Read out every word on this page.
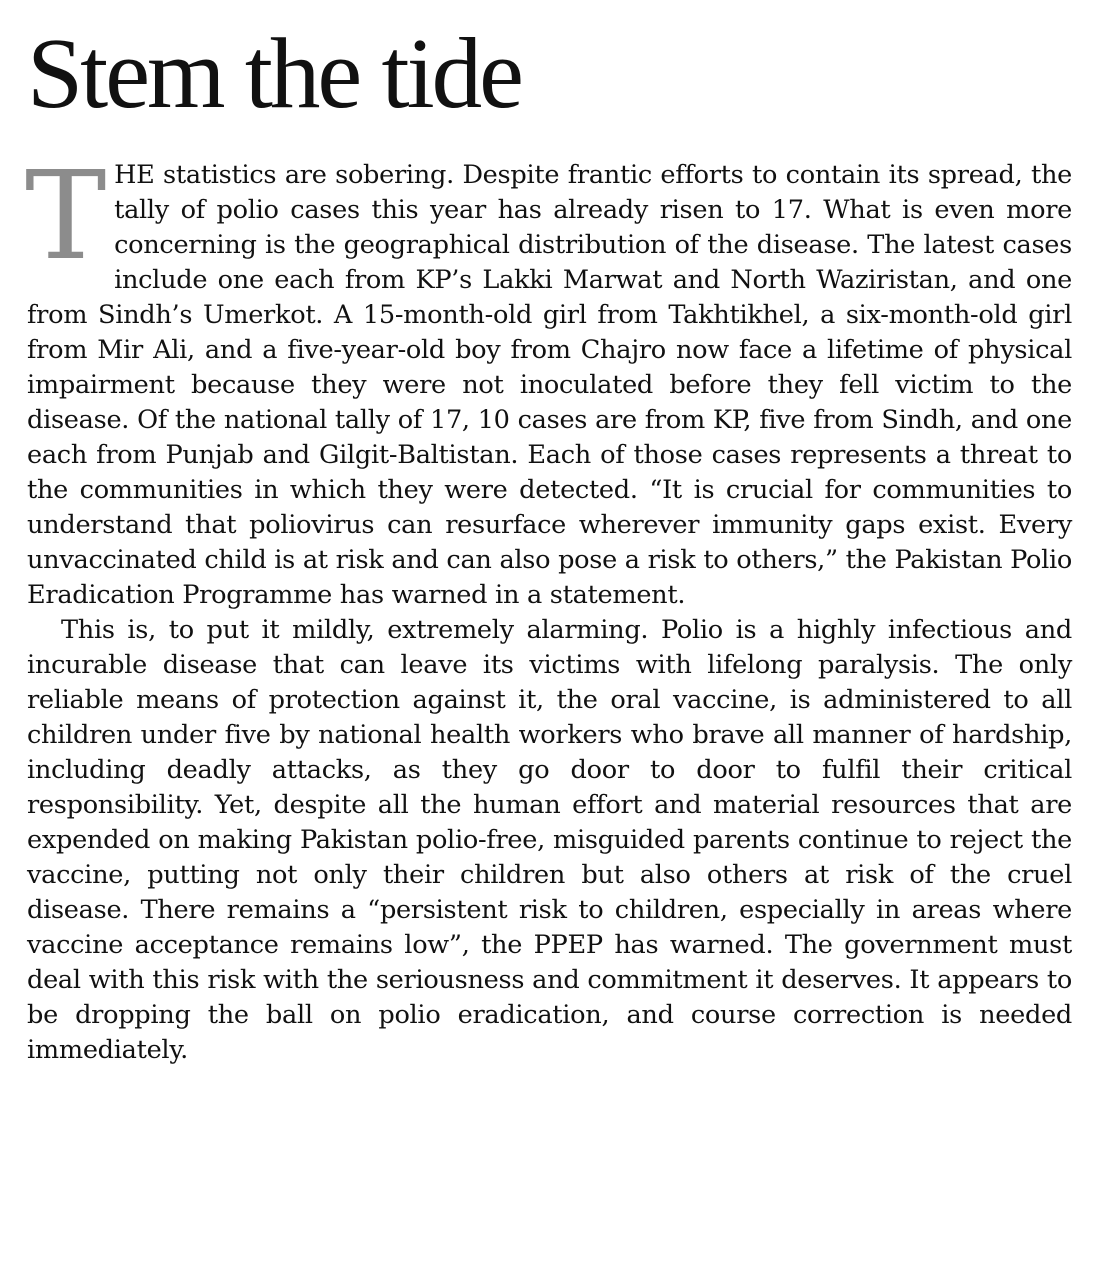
Stem the tide

THE statistics are sobering. Despite frantic efforts to contain its spread, the tally of polio cases this year has already risen to 17. What is even more concerning is the geographical distribution of the disease. The latest cases include one each from KP’s Lakki Marwat and North Waziristan, and one from Sindh’s Umerkot. A 15-month-old girl from Takhtikhel, a six-month-old girl from Mir Ali, and a five-year-old boy from Chajro now face a lifetime of physical impairment because they were not inoculated before they fell victim to the disease. Of the national tally of 17, 10 cases are from KP, five from Sindh, and one each from Punjab and Gilgit-Baltistan. Each of those cases represents a threat to the communities in which they were detected. “It is crucial for communities to understand that poliovirus can resurface wherever immunity gaps exist. Every unvaccinated child is at risk and can also pose a risk to others,” the Pakistan Polio Eradication Programme has warned in a statement.

This is, to put it mildly, extremely alarming. Polio is a highly infectious and incurable disease that can leave its victims with lifelong paralysis. The only reliable means of protection against it, the oral vaccine, is administered to all children under five by national health workers who brave all manner of hardship, including deadly attacks, as they go door to door to fulfil their critical responsibility. Yet, despite all the human effort and material resources that are expended on making Pakistan polio-free, misguided parents continue to reject the vaccine, putting not only their children but also others at risk of the cruel disease. There remains a “persistent risk to children, especially in areas where vaccine acceptance remains low”, the PPEP has warned. The government must deal with this risk with the seriousness and commitment it deserves. It appears to be dropping the ball on polio eradication, and course correction is needed immediately.
